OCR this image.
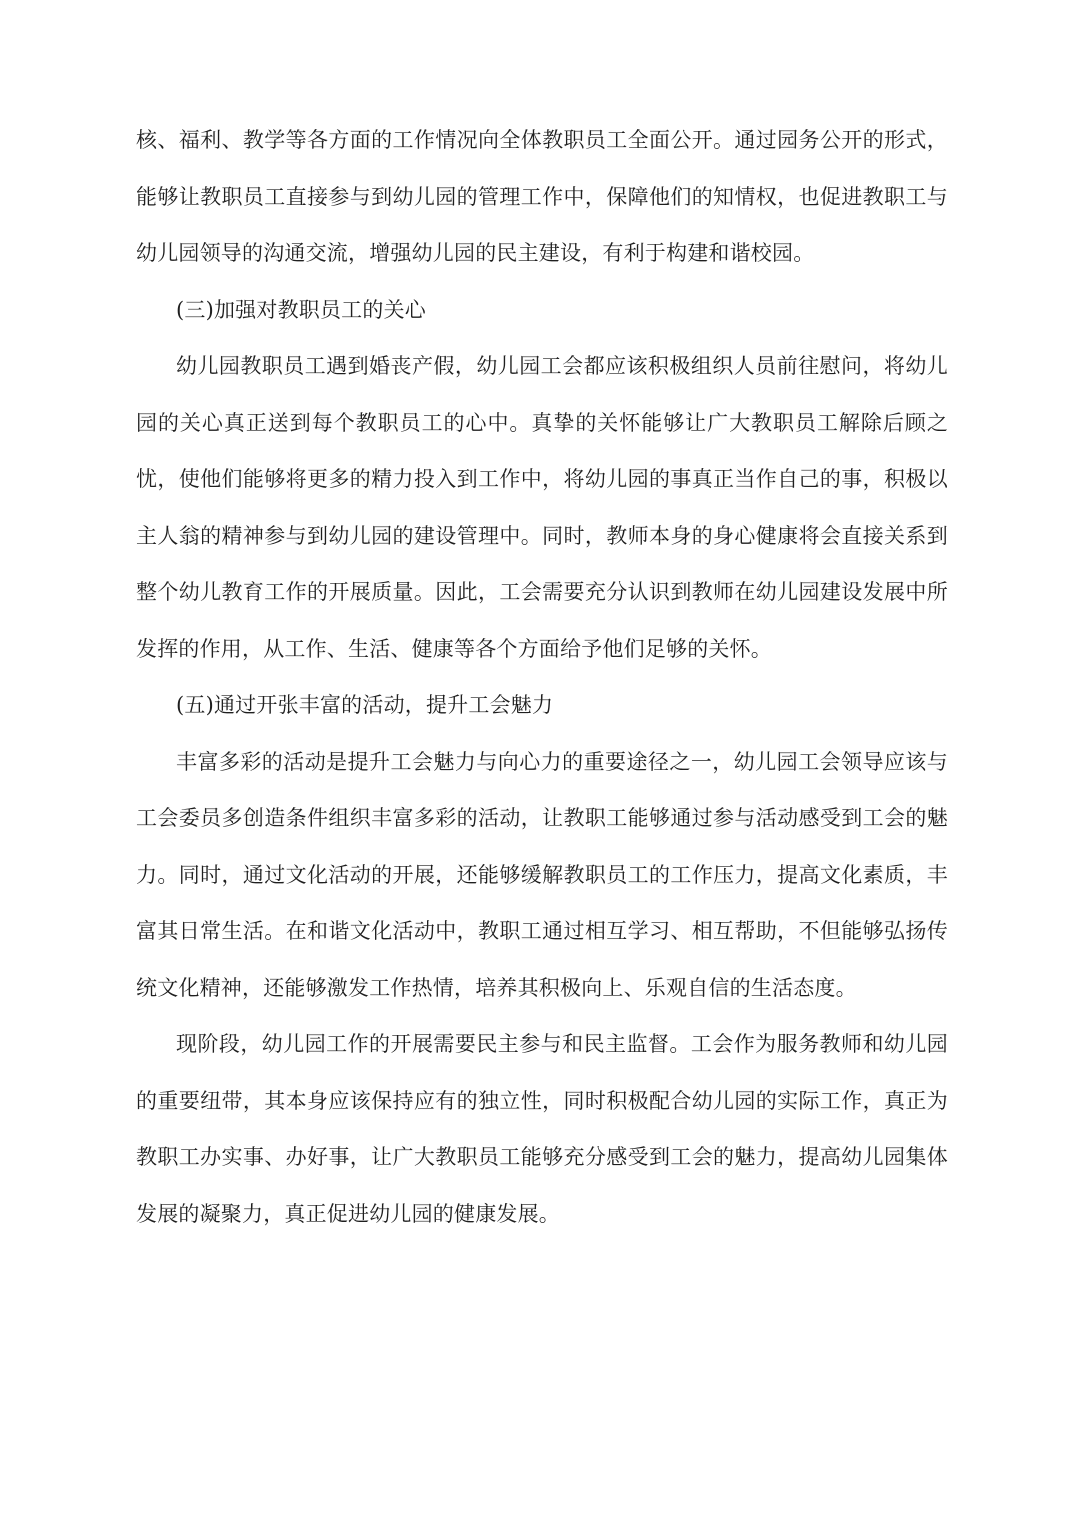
核、福利、教学等各方面的工作情况向全体教职员工全面公开。通过园务公开的形式，能够让教职员工直接参与到幼儿园的管理工作中，保障他们的知情权，也促进教职工与幼儿园领导的沟通交流，增强幼儿园的民主建设，有利于构建和谐校园。

(三)加强对教职员工的关心

幼儿园教职员工遇到婚丧产假，幼儿园工会都应该积极组织人员前往慰问，将幼儿园的关心真正送到每个教职员工的心中。真挚的关怀能够让广大教职员工解除后顾之忧，使他们能够将更多的精力投入到工作中，将幼儿园的事真正当作自己的事，积极以主人翁的精神参与到幼儿园的建设管理中。同时，教师本身的身心健康将会直接关系到整个幼儿教育工作的开展质量。因此，工会需要充分认识到教师在幼儿园建设发展中所发挥的作用，从工作、生活、健康等各个方面给予他们足够的关怀。

(五)通过开张丰富的活动，提升工会魅力

丰富多彩的活动是提升工会魅力与向心力的重要途径之一，幼儿园工会领导应该与工会委员多创造条件组织丰富多彩的活动，让教职工能够通过参与活动感受到工会的魅力。同时，通过文化活动的开展，还能够缓解教职员工的工作压力，提高文化素质，丰富其日常生活。在和谐文化活动中，教职工通过相互学习、相互帮助，不但能够弘扬传统文化精神，还能够激发工作热情，培养其积极向上、乐观自信的生活态度。

现阶段，幼儿园工作的开展需要民主参与和民主监督。工会作为服务教师和幼儿园的重要纽带，其本身应该保持应有的独立性，同时积极配合幼儿园的实际工作，真正为教职工办实事、办好事，让广大教职员工能够充分感受到工会的魅力，提高幼儿园集体发展的凝聚力，真正促进幼儿园的健康发展。
